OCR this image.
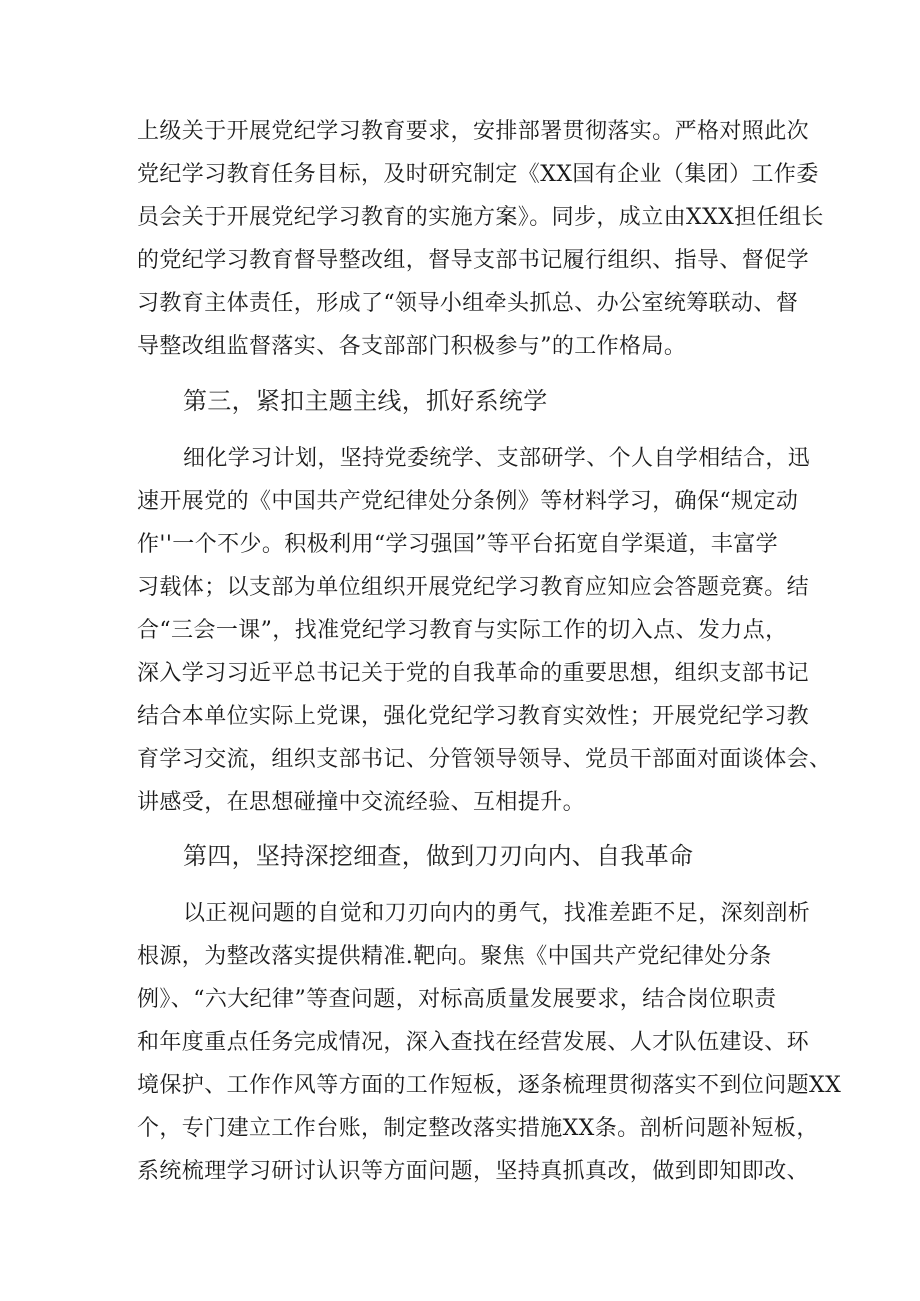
上级关于开展党纪学习教育要求，安排部署贯彻落实。严格对照此次
党纪学习教育任务目标，及时研究制定《XX国有企业（集团）工作委
员会关于开展党纪学习教育的实施方案》。同步，成立由XXX担任组长
的党纪学习教育督导整改组，督导支部书记履行组织、指导、督促学
习教育主体责任，形成了“领导小组牵头抓总、办公室统筹联动、督
导整改组监督落实、各支部部门积极参与”的工作格局。
第三，紧扣主题主线，抓好系统学
细化学习计划，坚持党委统学、支部研学、个人自学相结合，迅
速开展党的《中国共产党纪律处分条例》等材料学习，确保“规定动
作''一个不少。积极利用“学习强国”等平台拓宽自学渠道，丰富学
习载体；以支部为单位组织开展党纪学习教育应知应会答题竞赛。结
合“三会一课”，找准党纪学习教育与实际工作的切入点、发力点，
深入学习习近平总书记关于党的自我革命的重要思想，组织支部书记
结合本单位实际上党课，强化党纪学习教育实效性；开展党纪学习教
育学习交流，组织支部书记、分管领导领导、党员干部面对面谈体会、
讲感受，在思想碰撞中交流经验、互相提升。
第四，坚持深挖细查，做到刀刃向内、自我革命
以正视问题的自觉和刀刃向内的勇气，找准差距不足，深刻剖析
根源，为整改落实提供精准.靶向。聚焦《中国共产党纪律处分条
例》、“六大纪律”等查问题，对标高质量发展要求，结合岗位职责
和年度重点任务完成情况，深入查找在经营发展、人才队伍建设、环
境保护、工作作风等方面的工作短板，逐条梳理贯彻落实不到位问题XX
个，专门建立工作台账，制定整改落实措施XX条。剖析问题补短板，
系统梳理学习研讨认识等方面问题，坚持真抓真改，做到即知即改、
